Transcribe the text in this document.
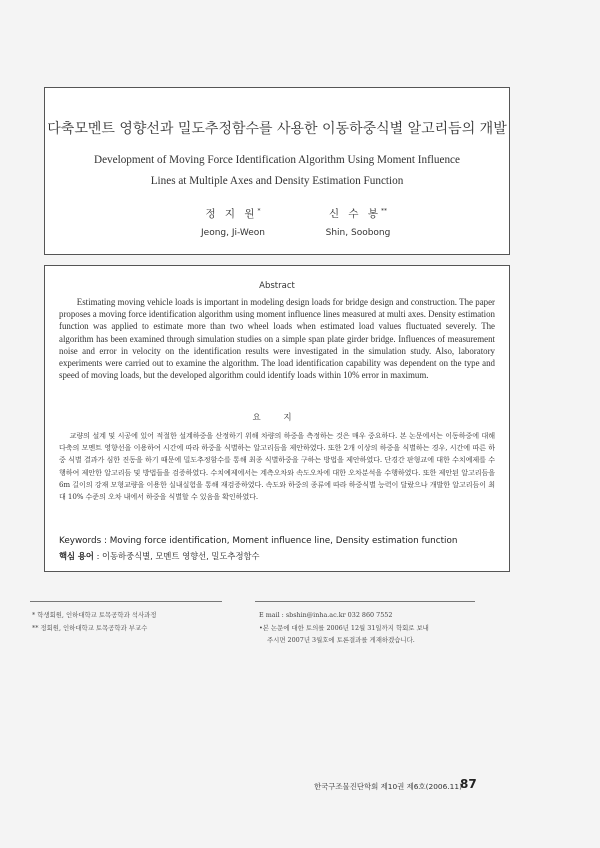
다축모멘트 영향선과 밀도추정함수를 사용한 이동하중식별 알고리듬의 개발
Development of Moving Force Identification Algorithm Using Moment Influence
Lines at Multiple Axes and Density Estimation Function
정 지 원*
Jeong, Ji-Weon
신 수 봉**
Shin, Soobong
Abstract
Estimating moving vehicle loads is important in modeling design loads for bridge design and construction. The paper proposes a moving force identification algorithm using moment influence lines measured at multi axes. Density estimation function was applied to estimate more than two wheel loads when estimated load values fluctuated severely. The algorithm has been examined through simulation studies on a simple span plate girder bridge. Influences of measurement noise and error in velocity on the identification results were investigated in the simulation study. Also, laboratory experiments were carried out to examine the algorithm. The load identification capability was dependent on the type and speed of moving loads, but the developed algorithm could identify loads within 10% error in maximum.
요 지
교량의 설계 및 시공에 있어 적절한 설계하중을 산정하기 위해 차량의 하중을 측정하는 것은 매우 중요하다. 본 논문에서는 이동하중에 대해 다축의 모멘트 영향선을 이용하여 시간에 따라 하중을 식별하는 알고리듬을 제안하였다. 또한 2개 이상의 하중을 식별하는 경우, 시간에 따른 하중 식별 결과가 심한 진동을 하기 때문에 밀도추정함수를 통해 최종 식별하중을 구하는 방법을 제안하였다. 단경간 판형교에 대한 수치예제를 수행하여 제안한 알고리듬 및 방법들을 검증하였다. 수치예제에서는 계측오차와 속도오차에 대한 오차분석을 수행하였다. 또한 제안된 알고리듬을 6m 길이의 강재 모형교량을 이용한 실내실험을 통해 재검증하였다. 속도와 하중의 종류에 따라 하중식별 능력이 달랐으나 개발한 알고리듬이 최대 10% 수준의 오차 내에서 하중을 식별할 수 있음을 확인하였다.
Keywords : Moving force identification, Moment influence line, Density estimation function
핵심 용어 : 이동하중식별, 모멘트 영향선, 밀도추정함수
* 학생회원, 인하대학교 토목공학과 석사과정
** 정회원, 인하대학교 토목공학과 부교수
E mail : sbshin@inha.ac.kr 032 860 7552
•본 논문에 대한 토의를 2006년 12월 31일까지 학회로 보내
주시면 2007년 3월호에 토론결과를 게재하겠습니다.
한국구조물진단학회 제10권 제6호(2006.11)
87
